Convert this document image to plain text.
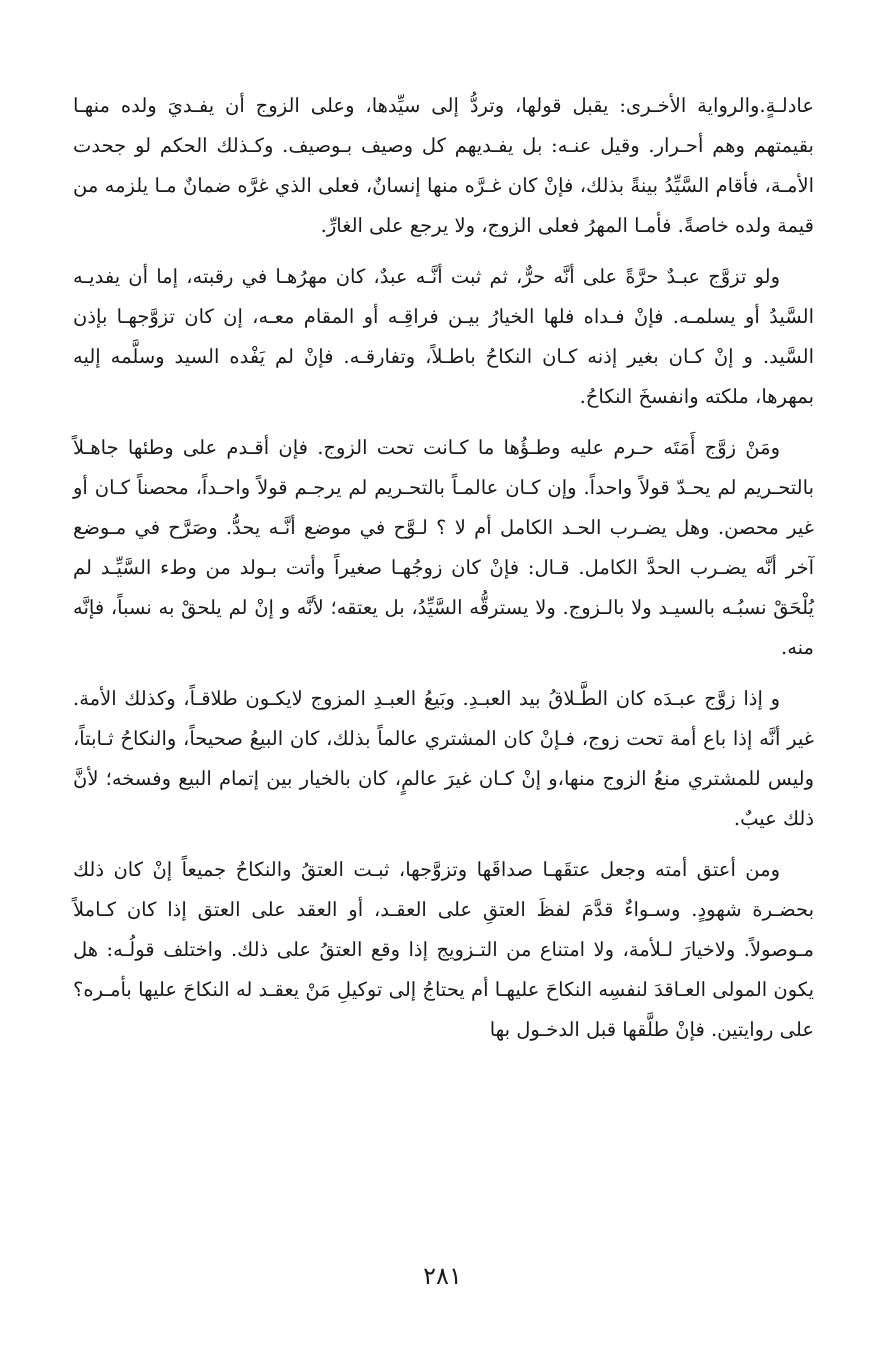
عادلـةٍ.والرواية الأخـرى: يقبل قولها، وتردُّ إلى سيِّدها، وعلى الزوج أن يفـديَ ولده منهـا بقيمتهم وهم أحـرار. وقيل عنـه: بل يفـديهم كل وصيف بـوصيف. وكـذلك الحكم لو جحدت الأمـة، فأقام السَّيِّدُ بينةً بذلك، فإنْ كان غـرَّه منها إنسانٌ، فعلى الذي غرَّه ضمانٌ مـا يلزمه من قيمة ولده خاصةً. فأمـا المهرُ فعلى الزوج، ولا يرجع على الغارِّ.

ولو تزوَّج عبـدٌ حرَّةً على أنَّه حرٌّ، ثم ثبت أنَّـه عبدٌ، كان مهرُهـا في رقبته، إما أن يفديـه السَّيدُ أو يسلمـه. فإنْ فـداه فلها الخيارُ بيـن فراقِـه أو المقام معـه، إن كان تزوَّجهـا بإذن السَّيد. و إنْ كـان بغير إذنه كـان النكاحُ باطـلاً، وتفارقـه. فإنْ لم يَفْده السيد وسلَّمه إليه بمهرها، ملكته وانفسخَ النكاحُ.

ومَنْ زوَّج أَمَتَه حـرم عليه وطـؤُها ما كـانت تحت الزوج. فإن أقـدم على وطئها جاهـلاً بالتحـريم لم يحـدّ قولاً واحداً. وإن كـان عالمـاً بالتحـريم لم يرجـم قولاً واحـداً، محصناً كـان أو غير محصن. وهل يضـرب الحـد الكامل أم لا ؟ لـوَّح في موضع أنَّـه يحدُّ. وصَرَّح في مـوضع آخر أنَّه يضـرب الحدَّ الكامل. قـال: فإنْ كان زوجُهـا صغيراً وأتت بـولد من وطء السَّيِّـد لم يُلْحَقْ نسبُـه بالسيـد ولا بالـزوج. ولا يسترقُّه السَّيِّدُ، بل يعتقه؛ لأنَّه و إنْ لم يلحقْ به نسباً، فإنَّه منه.

و إذا زوَّج عبـدَه كان الطَّـلاقُ بيد العبـدِ. وبَيعُ العبـدِ المزوج لايكـون طلاقـاً، وكذلك الأمة. غير أنَّه إذا باع أمة تحت زوج، فـإنْ كان المشتري عالماً بذلك، كان البيعُ صحيحاً، والنكاحُ ثـابتاً، وليس للمشتري منعُ الزوج منها،و إنْ كـان غيرَ عالمٍ، كان بالخيار بين إتمام البيع وفسخه؛ لأنَّ ذلك عيبٌ.

ومن أعتق أمته وجعل عتقَهـا صداقَها وتزوَّجها، ثبـت العتقُ والنكاحُ جميعاً إنْ كان ذلك بحضـرة شهودٍ. وسـواءٌ قدَّمَ لفظَ العتقِ على العقـد، أو العقد على العتق إذا كان كـاملاً مـوصولاً. ولاخيارَ لـلأمة، ولا امتناع من التـزويج إذا وقع العتقُ على ذلك. واختلف قولُـه: هل يكون المولى العـاقدَ لنفسِه النكاحَ عليهـا أم يحتاجُ إلى توكيلِ مَنْ يعقـد له النكاحَ عليها بأمـره؟ على روايتين. فإنْ طلَّقها قبل الدخـول بها

٢٨١
